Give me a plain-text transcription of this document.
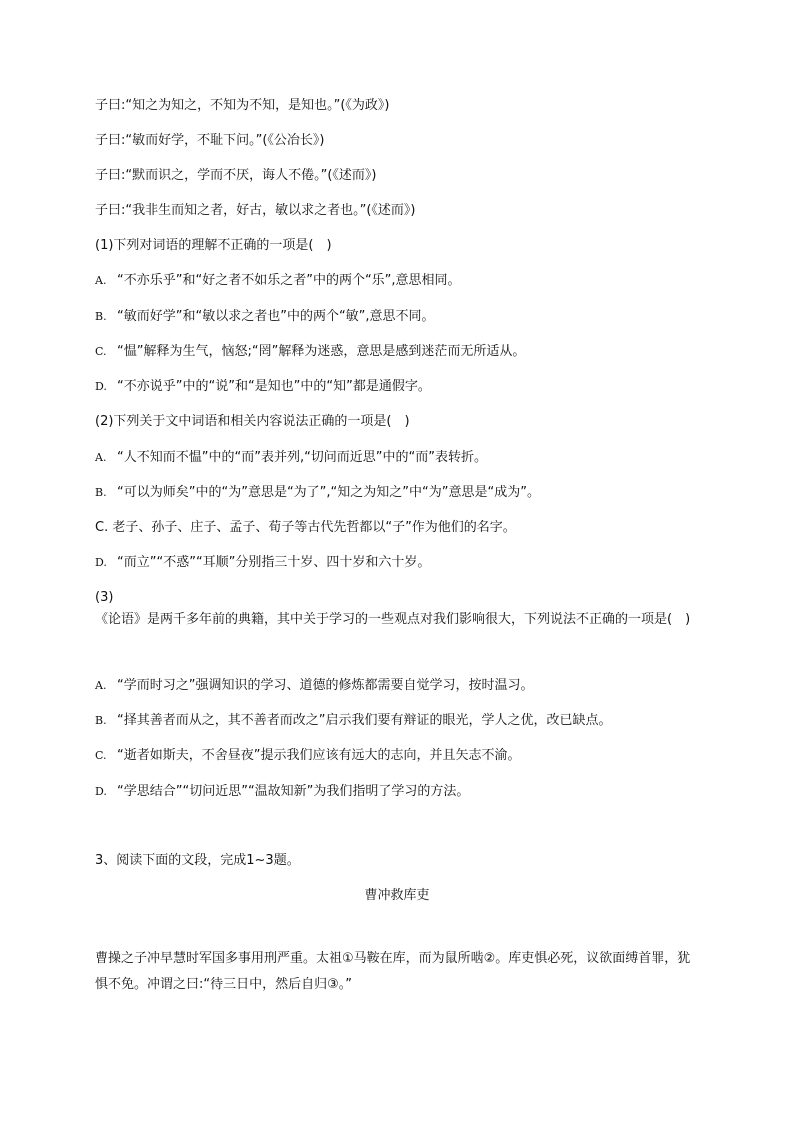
子曰:“知之为知之，不知为不知，是知也。”(《为政》)
子曰:“敏而好学，不耻下问。”(《公冶长》)
子曰:“默而识之，学而不厌，诲人不倦。”(《述而》)
子曰:“我非生而知之者，好古，敏以求之者也。”(《述而》)
(1)下列对词语的理解不正确的一项是(　)
A. “不亦乐乎”和“好之者不如乐之者”中的两个“乐”,意思相同。
B. “敏而好学”和“敏以求之者也”中的两个“敏”,意思不同。
C. “愠”解释为生气，恼怒;“罔”解释为迷惑，意思是感到迷茫而无所适从。
D. “不亦说乎”中的“说”和“是知也”中的“知”都是通假字。
(2)下列关于文中词语和相关内容说法正确的一项是(　)
A. “人不知而不愠”中的“而”表并列,“切问而近思”中的“而”表转折。
B. “可以为师矣”中的“为”意思是“为了”,“知之为知之”中“为”意思是“成为”。
C. 老子、孙子、庄子、孟子、荀子等古代先哲都以“子”作为他们的名字。
D. “而立”“不惑”“耳顺”分别指三十岁、四十岁和六十岁。
(3)
《论语》是两千多年前的典籍，其中关于学习的一些观点对我们影响很大，下列说法不正确的一项是(　)
A. “学而时习之”强调知识的学习、道德的修炼都需要自觉学习，按时温习。
B. “择其善者而从之，其不善者而改之”启示我们要有辩证的眼光，学人之优，改已缺点。
C. “逝者如斯夫，不舍昼夜”提示我们应该有远大的志向，并且矢志不渝。
D. “学思结合”“切问近思”“温故知新”为我们指明了学习的方法。
3、阅读下面的文段，完成1~3题。
曹冲救库吏
曹操之子冲早慧时军国多事用刑严重。太祖①马鞍在库，而为鼠所啮②。库吏惧必死，议欲面缚首罪，犹惧不免。冲谓之曰:“待三日中，然后自归③。”
